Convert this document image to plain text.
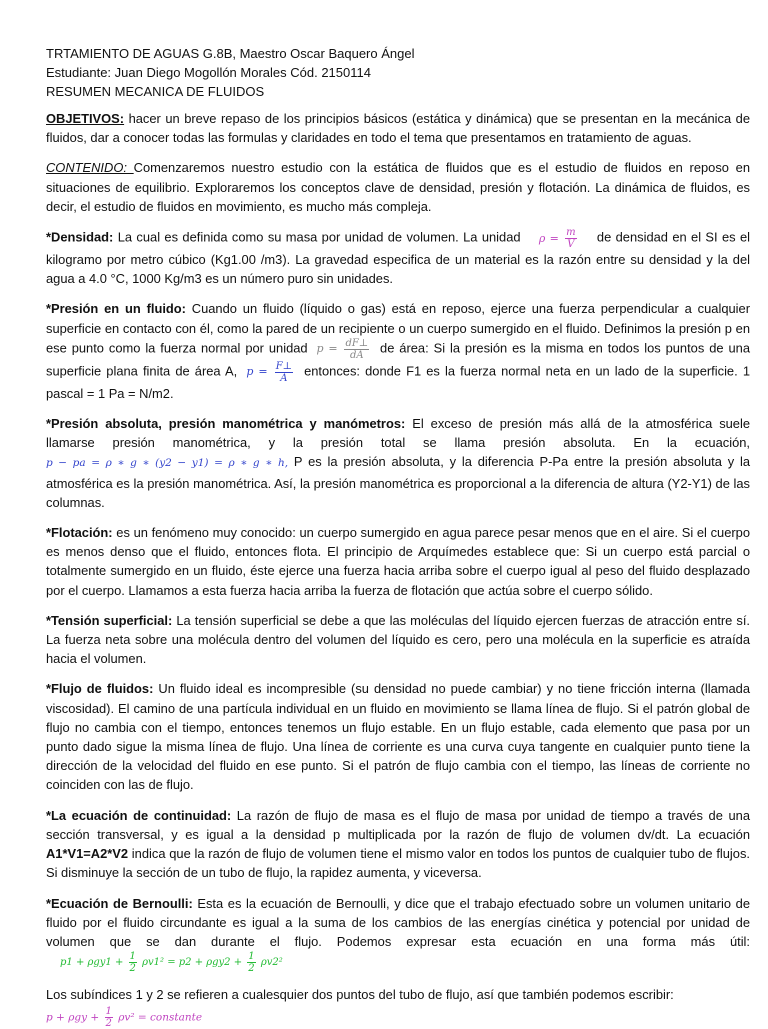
TRTAMIENTO DE AGUAS G.8B, Maestro Oscar Baquero Ángel

Estudiante: Juan Diego Mogollón Morales Cód. 2150114

RESUMEN MECANICA DE FLUIDOS

OBJETIVOS: hacer un breve repaso de los principios básicos (estática y dinámica) que se presentan en la mecánica de fluidos, dar a conocer todas las formulas y claridades en todo el tema que presentamos en tratamiento de aguas.

CONTENIDO: Comenzaremos nuestro estudio con la estática de fluidos que es el estudio de fluidos en reposo en situaciones de equilibrio. Exploraremos los conceptos clave de densidad, presión y flotación. La dinámica de fluidos, es decir, el estudio de fluidos en movimiento, es mucho más compleja.

*Densidad: La cual es definida como su masa por unidad de volumen. La unidad $\rho = \frac{m}{V}$ de densidad en el SI es el kilogramo por metro cúbico (Kg1.00 /m3). La gravedad especifica de un material es la razón entre su densidad y la del agua a 4.0 °C, 1000 Kg/m3 es un número puro sin unidades.

*Presión en un fluido: Cuando un fluido (líquido o gas) está en reposo, ejerce una fuerza perpendicular a cualquier superficie en contacto con él, como la pared de un recipiente o un cuerpo sumergido en el fluido. Definimos la presión p en ese punto como la fuerza normal por unidad $p = \frac{dF\perp}{dA}$ de área: Si la presión es la misma en todos los puntos de una superficie plana finita de área A, $p = \frac{F\perp}{A}$ entonces: donde F1 es la fuerza normal neta en un lado de la superficie. 1 pascal = 1 Pa = N/m2.

*Presión absoluta, presión manométrica y manómetros: El exceso de presión más allá de la atmosférica suele llamarse presión manométrica, y la presión total se llama presión absoluta. En la ecuación, p − pa = ρ ∗ g ∗ (y2 − y1) = ρ ∗ g ∗ h, P es la presión absoluta, y la diferencia P-Pa entre la presión absoluta y la atmosférica es la presión manométrica. Así, la presión manométrica es proporcional a la diferencia de altura (Y2-Y1) de las columnas.

*Flotación: es un fenómeno muy conocido: un cuerpo sumergido en agua parece pesar menos que en el aire. Si el cuerpo es menos denso que el fluido, entonces flota. El principio de Arquímedes establece que: Si un cuerpo está parcial o totalmente sumergido en un fluido, éste ejerce una fuerza hacia arriba sobre el cuerpo igual al peso del fluido desplazado por el cuerpo. Llamamos a esta fuerza hacia arriba la fuerza de flotación que actúa sobre el cuerpo sólido.

*Tensión superficial: La tensión superficial se debe a que las moléculas del líquido ejercen fuerzas de atracción entre sí. La fuerza neta sobre una molécula dentro del volumen del líquido es cero, pero una molécula en la superficie es atraída hacia el volumen.

*Flujo de fluidos: Un fluido ideal es incompresible (su densidad no puede cambiar) y no tiene fricción interna (llamada viscosidad). El camino de una partícula individual en un fluido en movimiento se llama línea de flujo. Si el patrón global de flujo no cambia con el tiempo, entonces tenemos un flujo estable. En un flujo estable, cada elemento que pasa por un punto dado sigue la misma línea de flujo. Una línea de corriente es una curva cuya tangente en cualquier punto tiene la dirección de la velocidad del fluido en ese punto. Si el patrón de flujo cambia con el tiempo, las líneas de corriente no coinciden con las de flujo.

*La ecuación de continuidad: La razón de flujo de masa es el flujo de masa por unidad de tiempo a través de una sección transversal, y es igual a la densidad p multiplicada por la razón de flujo de volumen dv/dt. La ecuación A1*V1=A2*V2 indica que la razón de flujo de volumen tiene el mismo valor en todos los puntos de cualquier tubo de flujos. Si disminuye la sección de un tubo de flujo, la rapidez aumenta, y viceversa.

*Ecuación de Bernoulli: Esta es la ecuación de Bernoulli, y dice que el trabajo efectuado sobre un volumen unitario de fluido por el fluido circundante es igual a la suma de los cambios de las energías cinética y potencial por unidad de volumen que se dan durante el flujo. Podemos expresar esta ecuación en una forma más útil: $p1 + \rho gy1 + \frac{1}{2} \rho v1^2 = p2 + \rho gy2 + \frac{1}{2} \rho v2^2$

Los subíndices 1 y 2 se refieren a cualesquier dos puntos del tubo de flujo, así que también podemos escribir:
$p + \rho gy + \frac{1}{2} \rho v^2$ = constante
